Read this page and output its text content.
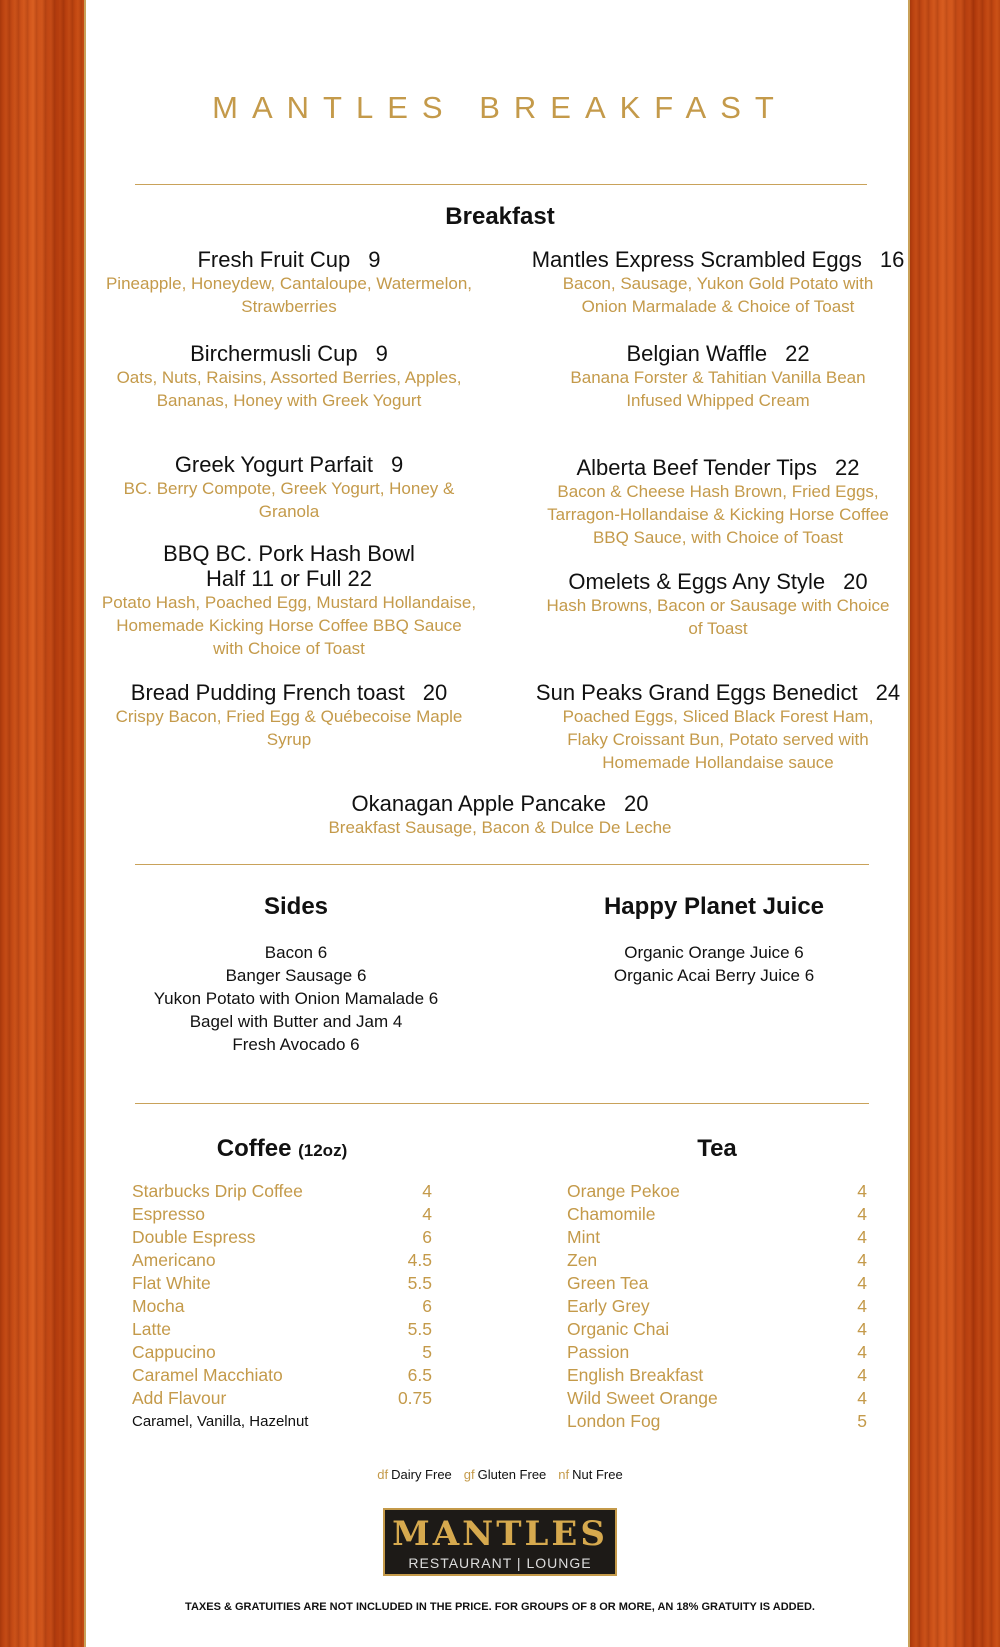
MANTLES BREAKFAST
Breakfast
Fresh Fruit Cup 9
Pineapple, Honeydew, Cantaloupe, Watermelon,
Strawberries
Birchermusli Cup 9
Oats, Nuts, Raisins, Assorted Berries, Apples,
Bananas, Honey with Greek Yogurt
Greek Yogurt Parfait 9
BC. Berry Compote, Greek Yogurt, Honey &
Granola
BBQ BC. Pork Hash Bowl
Half 11 or Full 22
Potato Hash, Poached Egg, Mustard Hollandaise,
Homemade Kicking Horse Coffee BBQ Sauce
with Choice of Toast
Bread Pudding French toast 20
Crispy Bacon, Fried Egg & Québecoise Maple
Syrup
Mantles Express Scrambled Eggs 16
Bacon, Sausage, Yukon Gold Potato with
Onion Marmalade & Choice of Toast
Belgian Waffle 22
Banana Forster & Tahitian Vanilla Bean
Infused Whipped Cream
Alberta Beef Tender Tips 22
Bacon & Cheese Hash Brown, Fried Eggs,
Tarragon-Hollandaise & Kicking Horse Coffee
BBQ Sauce, with Choice of Toast
Omelets & Eggs Any Style 20
Hash Browns, Bacon or Sausage with Choice
of Toast
Sun Peaks Grand Eggs Benedict 24
Poached Eggs, Sliced Black Forest Ham,
Flaky Croissant Bun, Potato served with
Homemade Hollandaise sauce
Okanagan Apple Pancake 20
Breakfast Sausage, Bacon & Dulce De Leche
Sides
Bacon 6
Banger Sausage 6
Yukon Potato with Onion Mamalade 6
Bagel with Butter and Jam 4
Fresh Avocado 6
Happy Planet Juice
Organic Orange Juice 6
Organic Acai Berry Juice 6
Coffee (12oz)
Starbucks Drip Coffee	4
Espresso	4
Double Espress	6
Americano	4.5
Flat White	5.5
Mocha	6
Latte	5.5
Cappucino	5
Caramel Macchiato	6.5
Add Flavour	0.75
Caramel, Vanilla, Hazelnut
Tea
Orange Pekoe	4
Chamomile	4
Mint	4
Zen	4
Green Tea	4
Early Grey	4
Organic Chai	4
Passion	4
English Breakfast	4
Wild Sweet Orange	4
London Fog	5
df Dairy Free gf Gluten Free nf Nut Free
MANTLES
RESTAURANT | LOUNGE
TAXES & GRATUITIES ARE NOT INCLUDED IN THE PRICE. FOR GROUPS OF 8 OR MORE, AN 18% GRATUITY IS ADDED.
